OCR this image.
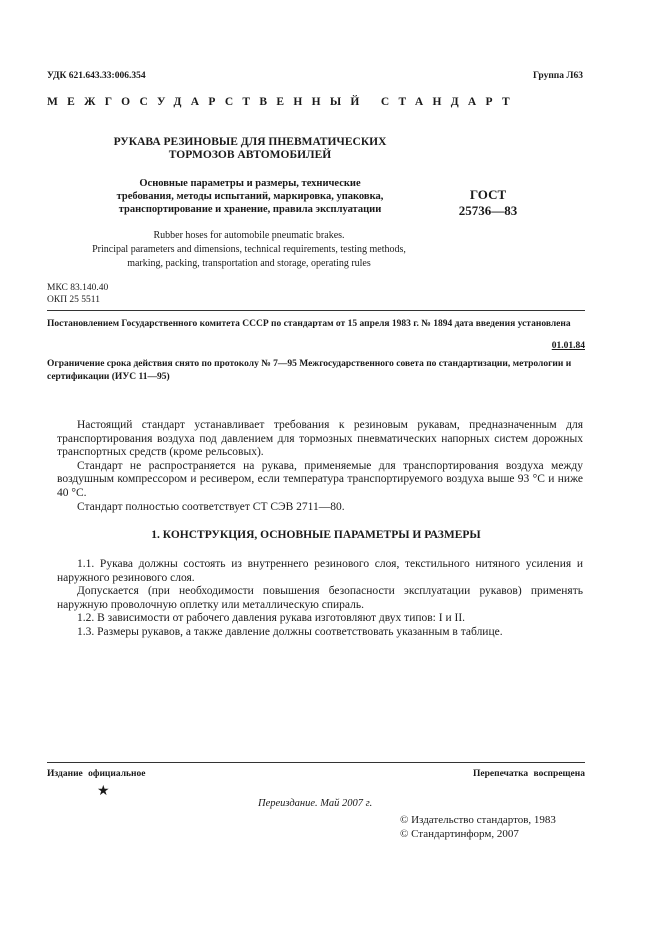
УДК 621.643.33:006.354	Группа Л63
МЕЖГОСУДАРСТВЕННЫЙ СТАНДАРТ
РУКАВА РЕЗИНОВЫЕ ДЛЯ ПНЕВМАТИЧЕСКИХ
ТОРМОЗОВ АВТОМОБИЛЕЙ
Основные параметры и размеры, технические
требования, методы испытаний, маркировка, упаковка,
транспортирование и хранение, правила эксплуатации
ГОСТ
25736—83
Rubber hoses for automobile pneumatic brakes.
Principal parameters and dimensions, technical requirements, testing methods,
marking, packing, transportation and storage, operating rules
МКС 83.140.40
ОКП 25 5511
Постановлением Государственного комитета СССР по стандартам от 15 апреля 1983 г. № 1894 дата введения установлена
01.01.84
Ограничение срока действия снято по протоколу № 7—95 Межгосударственного совета по стандартизации, метрологии и сертификации (ИУС 11—95)

Настоящий стандарт устанавливает требования к резиновым рукавам, предназначенным для транспортирования воздуха под давлением для тормозных пневматических напорных систем дорожных транспортных средств (кроме рельсовых).

Стандарт не распространяется на рукава, применяемые для транспортирования воздуха между воздушным компрессором и ресивером, если температура транспортируемого воздуха выше 93 °С и ниже 40 °С.

Стандарт полностью соответствует СТ СЭВ 2711—80.

1. КОНСТРУКЦИЯ, ОСНОВНЫЕ ПАРАМЕТРЫ И РАЗМЕРЫ

1.1. Рукава должны состоять из внутреннего резинового слоя, текстильного нитяного усиления и наружного резинового слоя.

Допускается (при необходимости повышения безопасности эксплуатации рукавов) применять наружную проволочную оплетку или металлическую спираль.

1.2. В зависимости от рабочего давления рукава изготовляют двух типов: I и II.

1.3. Размеры рукавов, а также давление должны соответствовать указанным в таблице.

Издание официальное	Перепечатка воспрещена
★
Переиздание. Май 2007 г.
© Издательство стандартов, 1983
© Стандартинформ, 2007
